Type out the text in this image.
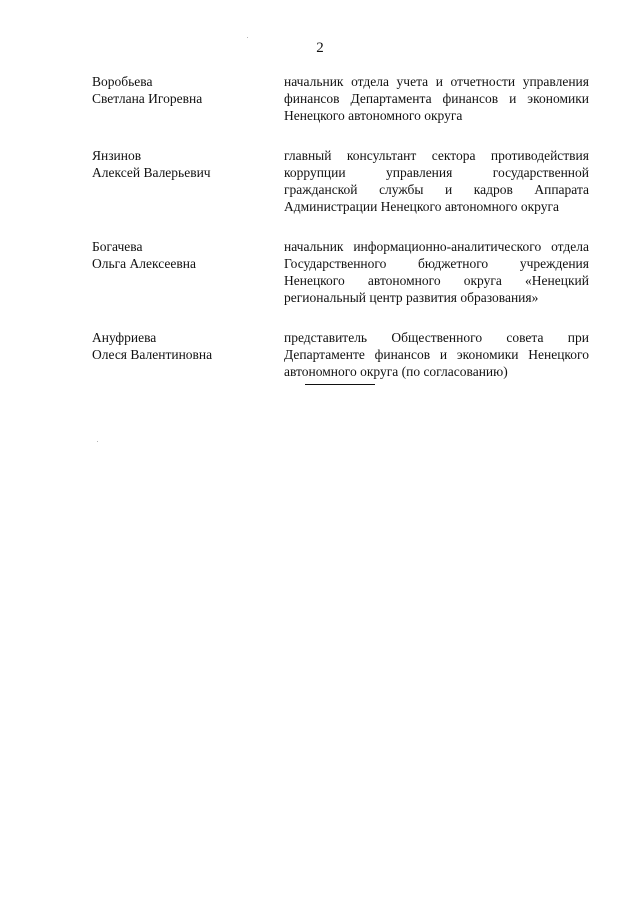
2
Воробьева
Светлана Игоревна
начальник отдела учета и отчетности управления финансов Департамента финансов и экономики Ненецкого автономного округа
Янзинов
Алексей Валерьевич
главный консультант сектора противодействия коррупции управления государственной гражданской службы и кадров Аппарата Администрации Ненецкого автономного округа
Богачева
Ольга Алексеевна
начальник информационно-аналитического отдела Государственного бюджетного учреждения Ненецкого автономного округа «Ненецкий региональный центр развития образования»
Ануфриева
Олеся Валентиновна
представитель Общественного совета при Департаменте финансов и экономики Ненецкого автономного округа (по согласованию)
